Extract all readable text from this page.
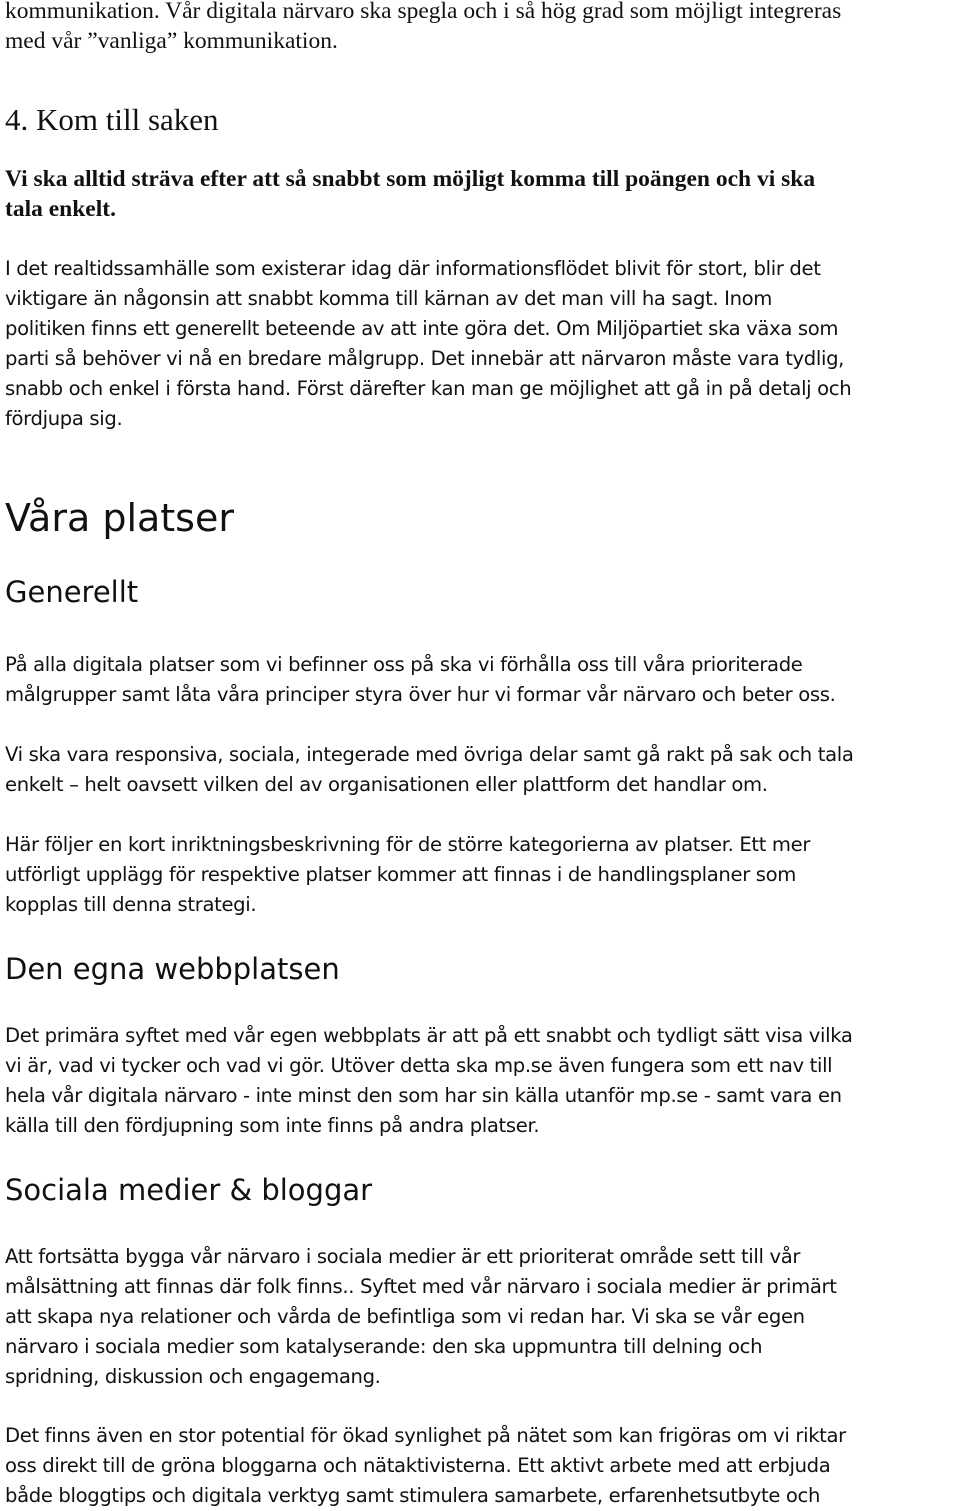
kommunikation. Vår digitala närvaro ska spegla och i så hög grad som möjligt integreras
med vår ”vanliga” kommunikation.

4. Kom till saken

Vi ska alltid sträva efter att så snabbt som möjligt komma till poängen och vi ska
tala enkelt.

I det realtidssamhälle som existerar idag där informationsflödet blivit för stort, blir det
viktigare än någonsin att snabbt komma till kärnan av det man vill ha sagt. Inom
politiken finns ett generellt beteende av att inte göra det. Om Miljöpartiet ska växa som
parti så behöver vi nå en bredare målgrupp. Det innebär att närvaron måste vara tydlig,
snabb och enkel i första hand. Först därefter kan man ge möjlighet att gå in på detalj och
fördjupa sig.

Våra platser
Generellt

På alla digitala platser som vi befinner oss på ska vi förhålla oss till våra prioriterade
målgrupper samt låta våra principer styra över hur vi formar vår närvaro och beter oss.

Vi ska vara responsiva, sociala, integerade med övriga delar samt gå rakt på sak och tala
enkelt – helt oavsett vilken del av organisationen eller plattform det handlar om.

Här följer en kort inriktningsbeskrivning för de större kategorierna av platser. Ett mer
utförligt upplägg för respektive platser kommer att finnas i de handlingsplaner som
kopplas till denna strategi.

Den egna webbplatsen

Det primära syftet med vår egen webbplats är att på ett snabbt och tydligt sätt visa vilka
vi är, vad vi tycker och vad vi gör. Utöver detta ska mp.se även fungera som ett nav till
hela vår digitala närvaro - inte minst den som har sin källa utanför mp.se - samt vara en
källa till den fördjupning som inte finns på andra platser.

Sociala medier & bloggar

Att fortsätta bygga vår närvaro i sociala medier är ett prioriterat område sett till vår
målsättning att finnas där folk finns.. Syftet med vår närvaro i sociala medier är primärt
att skapa nya relationer och vårda de befintliga som vi redan har. Vi ska se vår egen
närvaro i sociala medier som katalyserande: den ska uppmuntra till delning och
spridning, diskussion och engagemang.

Det finns även en stor potential för ökad synlighet på nätet som kan frigöras om vi riktar
oss direkt till de gröna bloggarna och nätaktivisterna. Ett aktivt arbete med att erbjuda
både bloggtips och digitala verktyg samt stimulera samarbete, erfarenhetsutbyte och
